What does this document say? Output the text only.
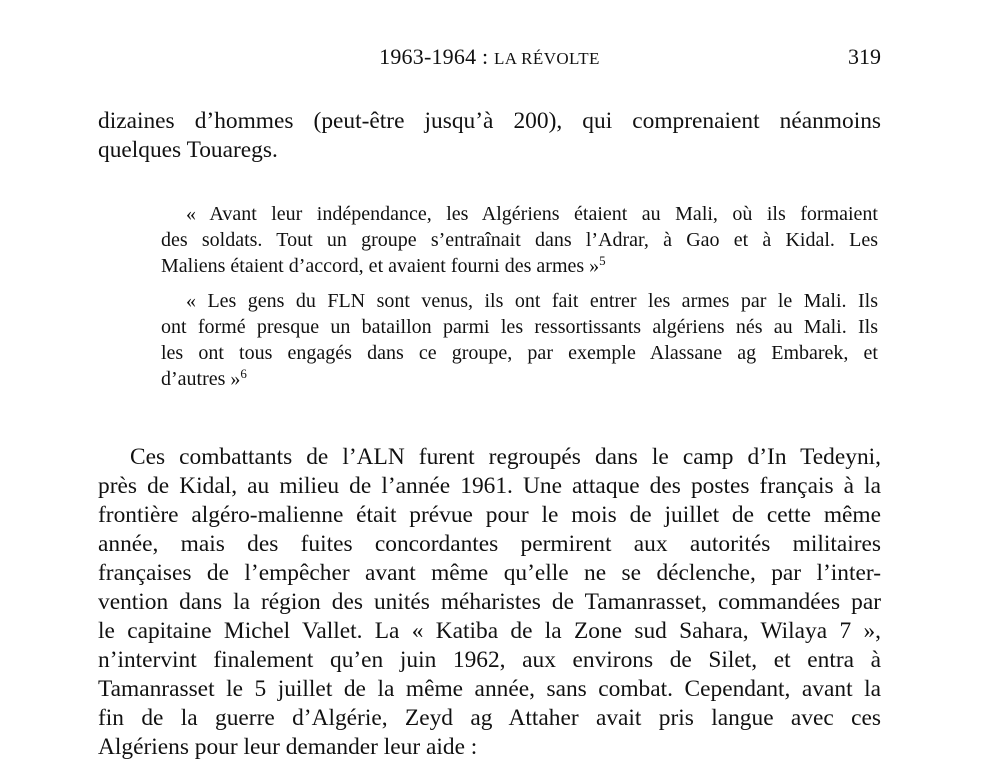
1963-1964 : LA RÉVOLTE	319
dizaines d’hommes (peut-être jusqu’à 200), qui comprenaient néanmoins
quelques Touaregs.
« Avant leur indépendance, les Algériens étaient au Mali, où ils formaient
des soldats. Tout un groupe s’entraînait dans l’Adrar, à Gao et à Kidal. Les
Maliens étaient d’accord, et avaient fourni des armes »$^5$
« Les gens du FLN sont venus, ils ont fait entrer les armes par le Mali. Ils
ont formé presque un bataillon parmi les ressortissants algériens nés au Mali. Ils
les ont tous engagés dans ce groupe, par exemple Alassane ag Embarek, et
d’autres »$^6$
Ces combattants de l’ALN furent regroupés dans le camp d’In Tedeyni,
près de Kidal, au milieu de l’année 1961. Une attaque des postes français à la
frontière algéro-malienne était prévue pour le mois de juillet de cette même
année, mais des fuites concordantes permirent aux autorités militaires
françaises de l’empêcher avant même qu’elle ne se déclenche, par l’inter-
vention dans la région des unités méharistes de Tamanrasset, commandées par
le capitaine Michel Vallet. La « Katiba de la Zone sud Sahara, Wilaya 7 »,
n’intervint finalement qu’en juin 1962, aux environs de Silet, et entra à
Tamanrasset le 5 juillet de la même année, sans combat. Cependant, avant la
fin de la guerre d’Algérie, Zeyd ag Attaher avait pris langue avec ces
Algériens pour leur demander leur aide :
